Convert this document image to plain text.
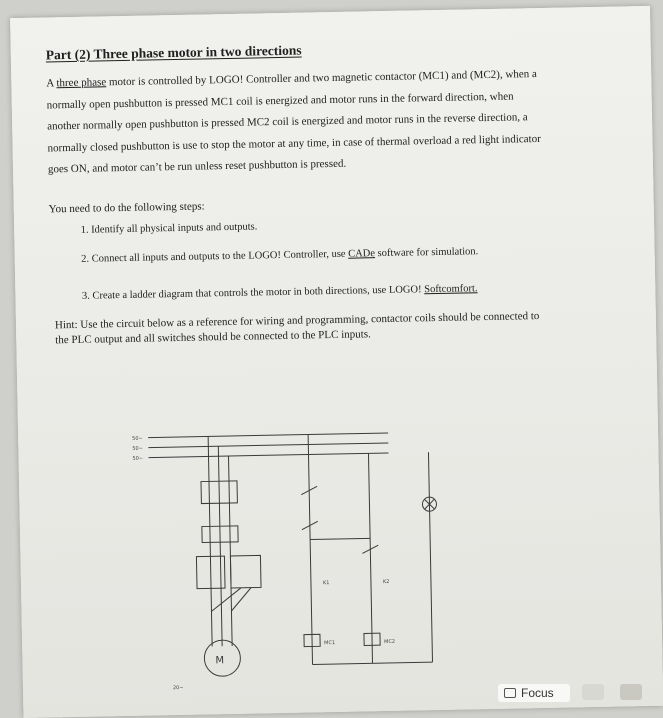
Part (2) Three phase motor in two directions

A three phase motor is controlled by LOGO! Controller and two magnetic contactor (MC1) and (MC2), when a normally open pushbutton is pressed MC1 coil is energized and motor runs in the forward direction, when another normally open pushbutton is pressed MC2 coil is energized and motor runs in the reverse direction, a normally closed pushbutton is use to stop the motor at any time, in case of thermal overload a red light indicator goes ON, and motor can’t be run unless reset pushbutton is pressed.

You need to do the following steps:

1. Identify all physical inputs and outputs.
2. Connect all inputs and outputs to the LOGO! Controller, use CADe software for simulation.
3. Create a ladder diagram that controls the motor in both directions, use LOGO! Softcomfort.

Hint: Use the circuit below as a reference for wiring and programming, contactor coils should be connected to the PLC output and all switches should be connected to the PLC inputs.

M
50~
50~
50~
20~
MC1	MC2
K1	K2
Focus
